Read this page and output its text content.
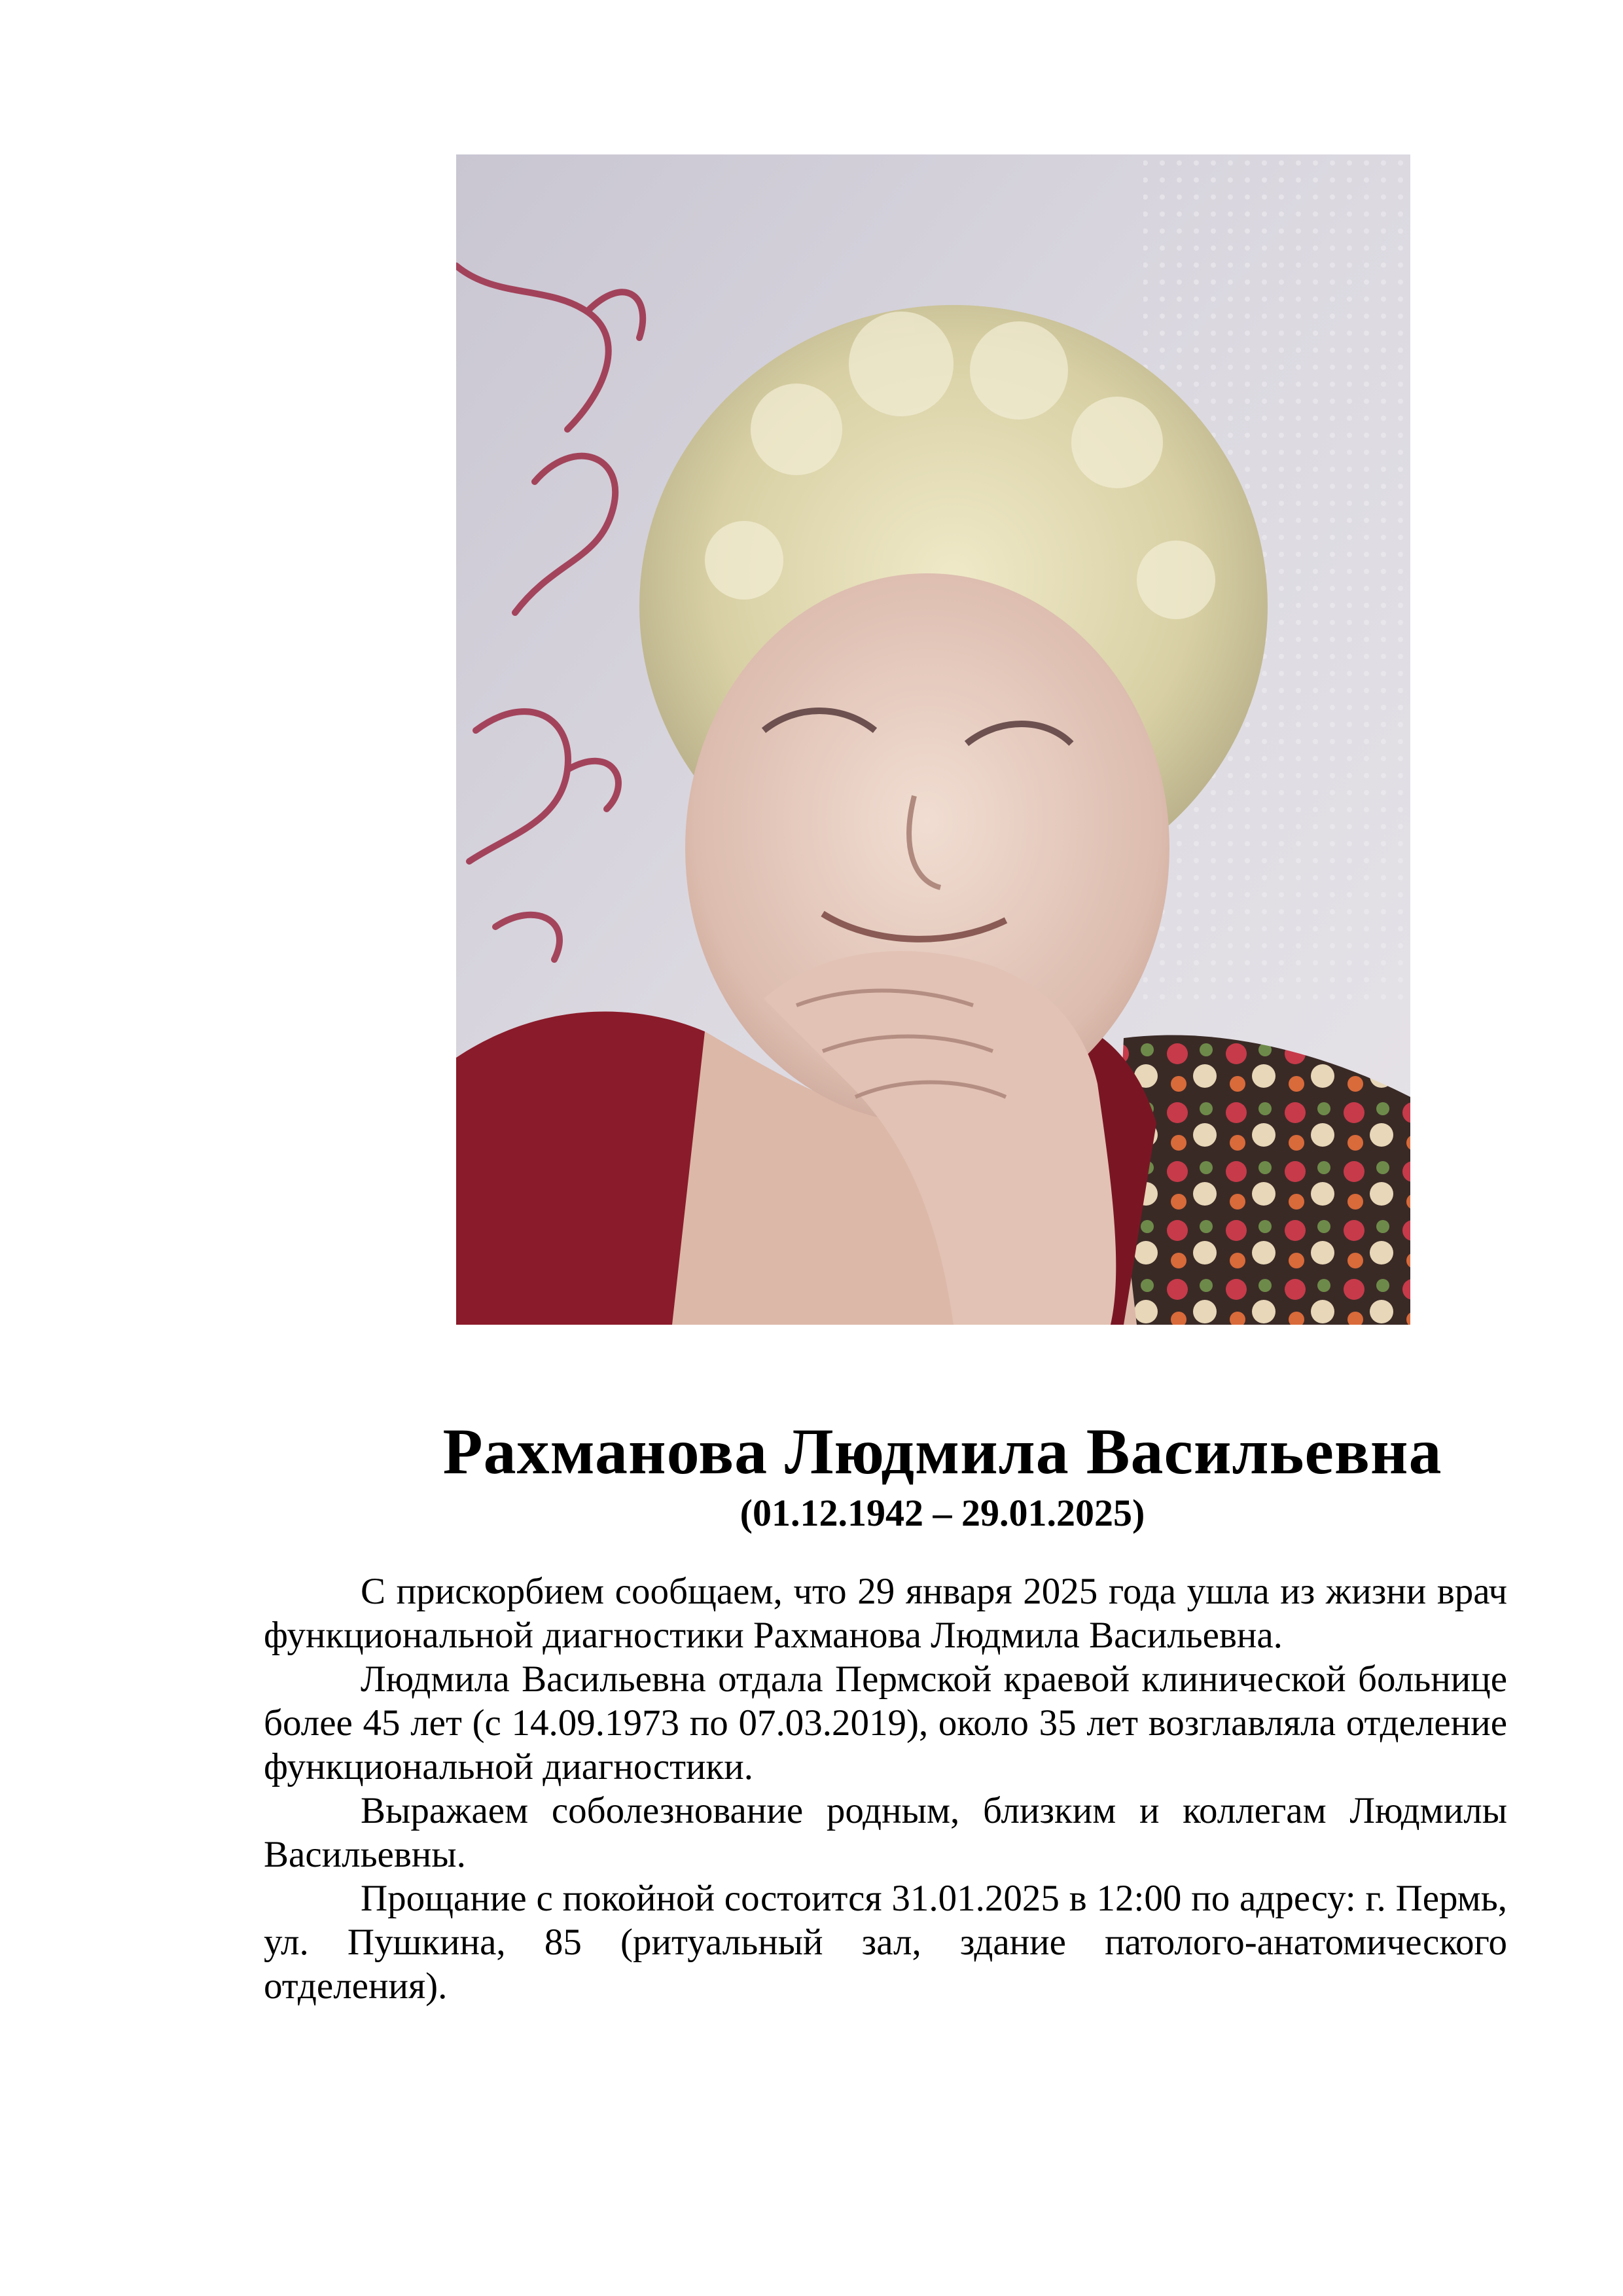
Рахманова Людмила Васильевна
(01.12.1942 – 29.01.2025)

С прискорбием сообщаем, что 29 января 2025 года ушла из жизни врач функциональной диагностики Рахманова Людмила Васильевна.

Людмила Васильевна отдала Пермской краевой клинической больнице более 45 лет (с 14.09.1973 по 07.03.2019), около 35 лет возглавляла отделение функциональной диагностики.

Выражаем соболезнование родным, близким и коллегам Людмилы Васильевны.

Прощание с покойной состоится 31.01.2025 в 12:00 по адресу: г. Пермь, ул. Пушкина, 85 (ритуальный зал, здание патолого-анатомического отделения).
